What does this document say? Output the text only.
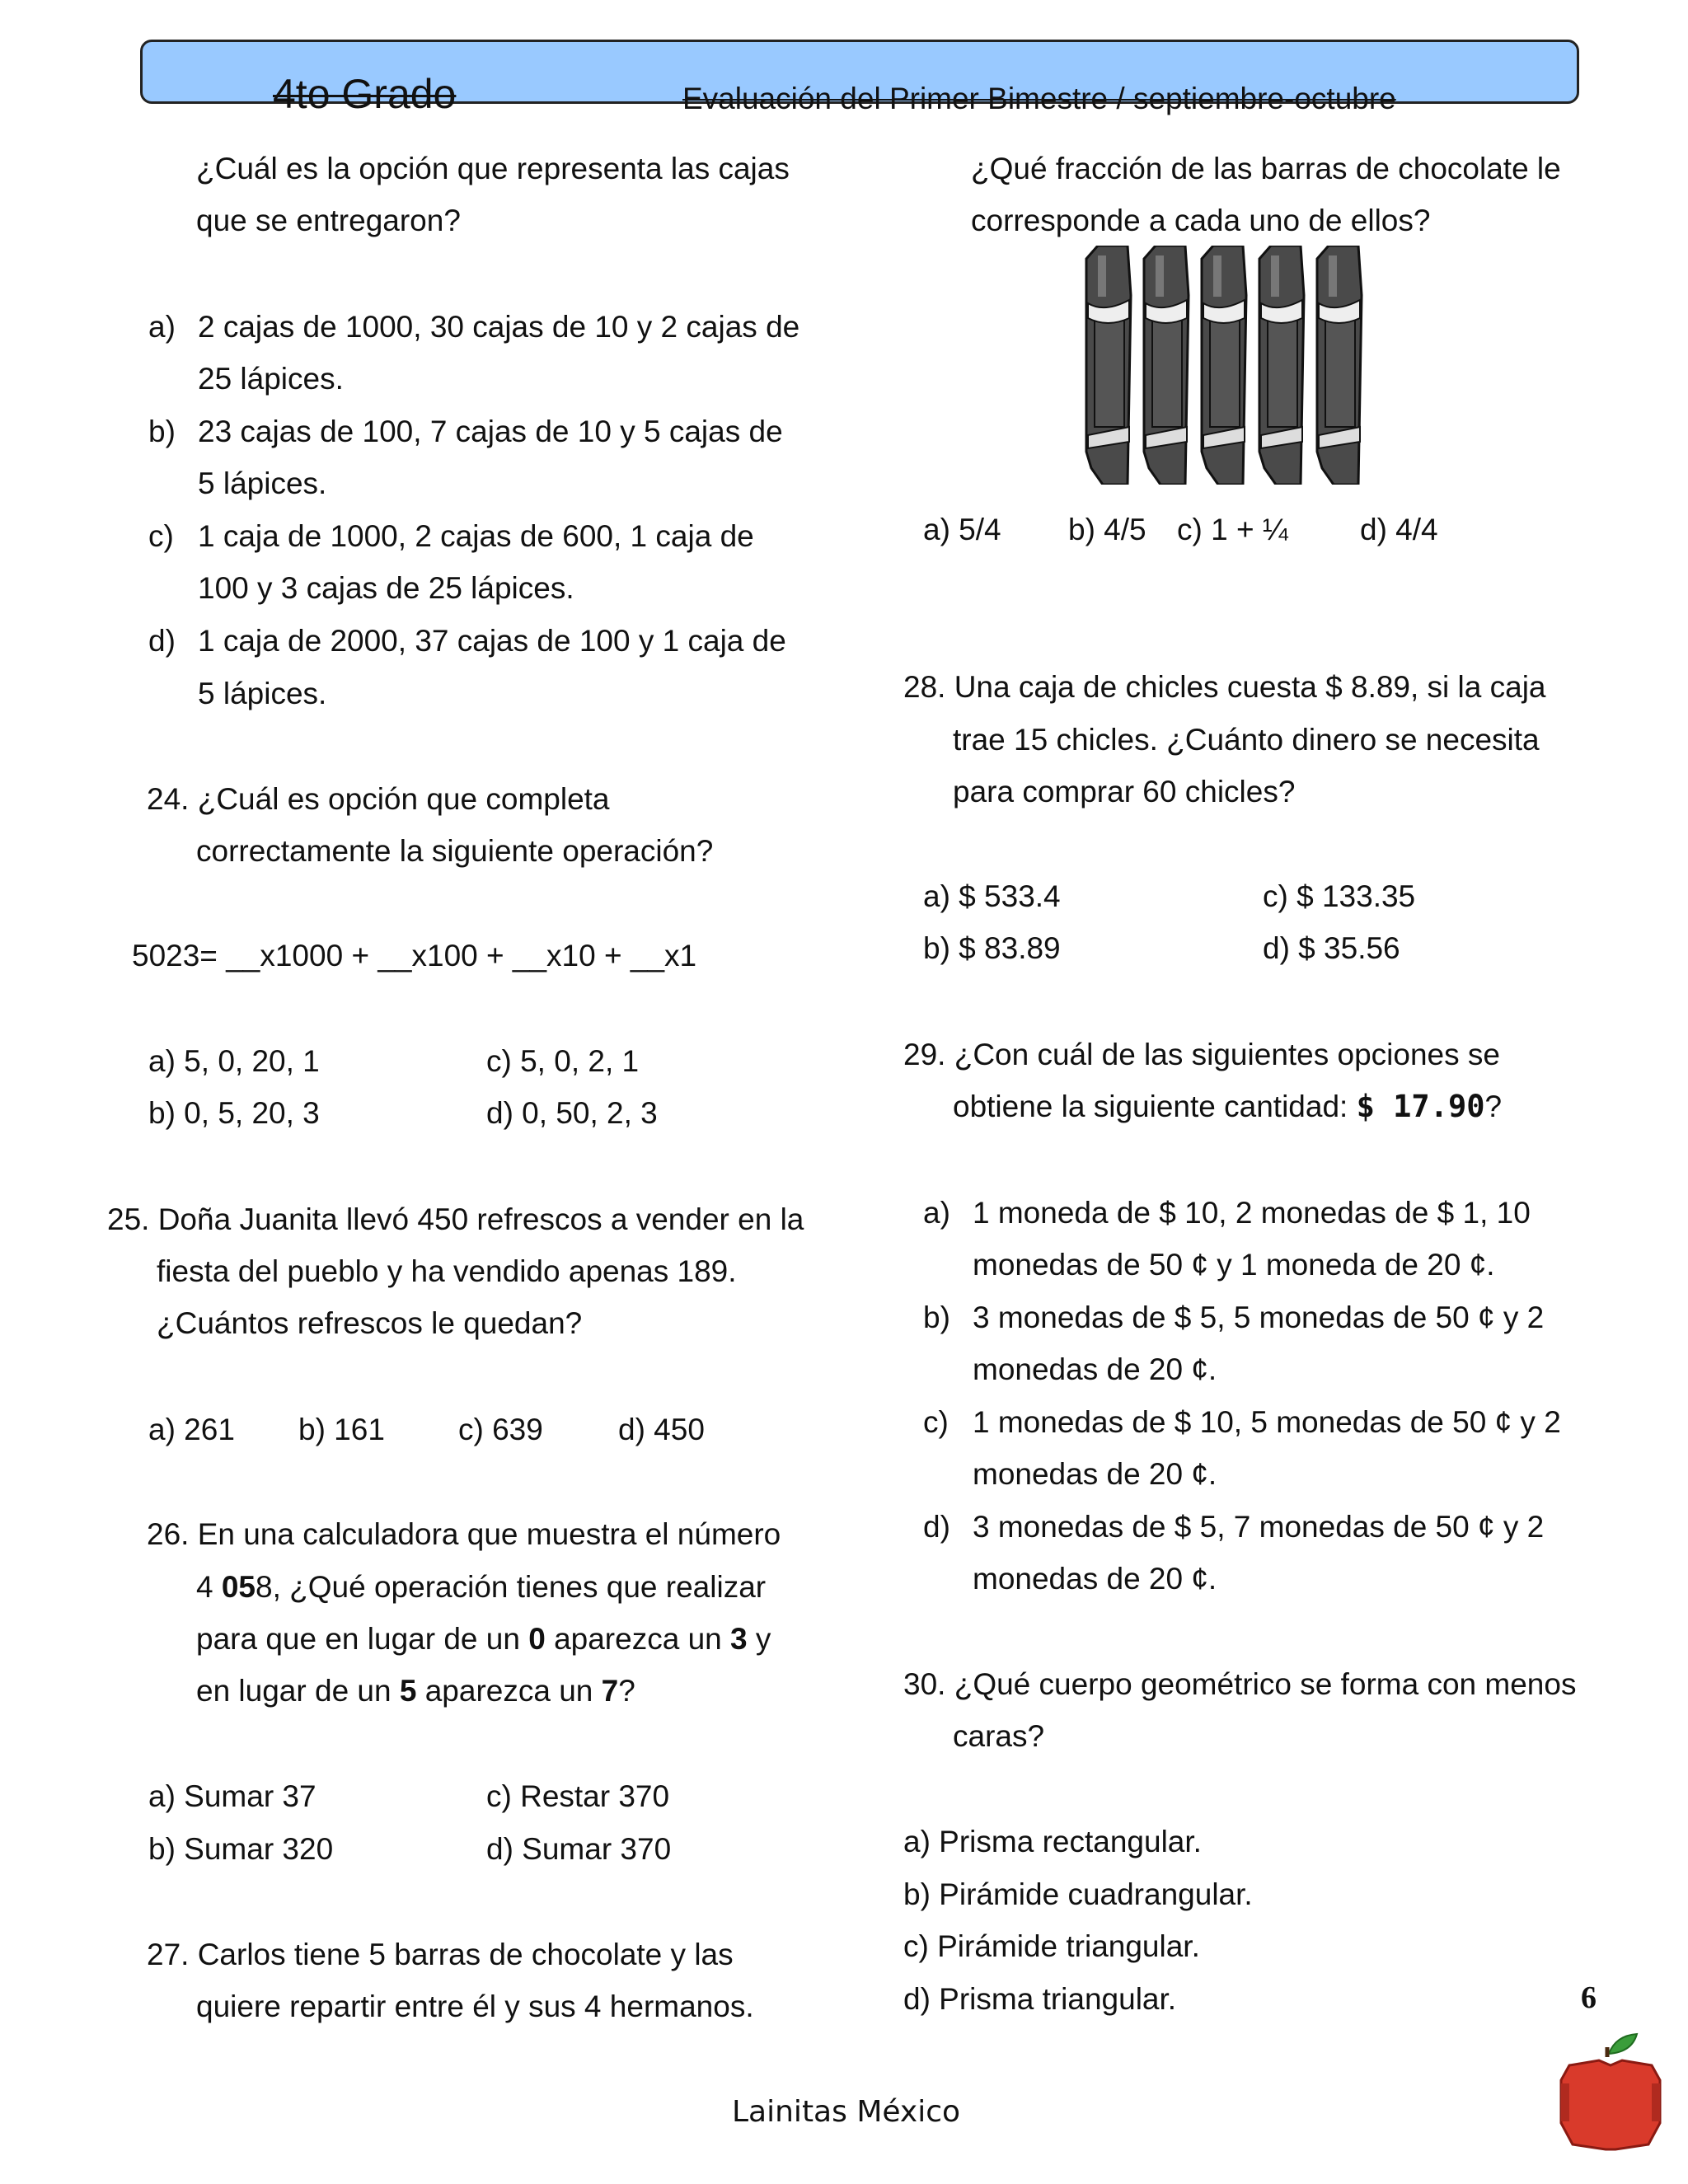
4to Grado	Evaluación del Primer Bimestre / septiembre-octubre
¿Cuál es la opción que representa las cajas
que se entregaron?
a) 2 cajas de 1000, 30 cajas de 10 y 2 cajas de
25 lápices.
b) 23 cajas de 100, 7 cajas de 10 y 5 cajas de
5 lápices.
c) 1 caja de 1000, 2 cajas de 600, 1 caja de
100 y 3 cajas de 25 lápices.
d) 1 caja de 2000, 37 cajas de 100 y 1 caja de
5 lápices.
24. ¿Cuál es opción que completa
correctamente la siguiente operación?
5023= __x1000 + __x100 + __x10 + __x1
a) 5, 0, 20, 1	c) 5, 0, 2, 1
b) 0, 5, 20, 3	d) 0, 50, 2, 3
25. Doña Juanita llevó 450 refrescos a vender en la
fiesta del pueblo y ha vendido apenas 189.
¿Cuántos refrescos le quedan?
a) 261 b) 161 c) 639 d) 450
26. En una calculadora que muestra el número
4 058, ¿Qué operación tienes que realizar
para que en lugar de un 0 aparezca un 3 y
en lugar de un 5 aparezca un 7?
a) Sumar 37	c) Restar 370
b) Sumar 320	d) Sumar 370
27. Carlos tiene 5 barras de chocolate y las
quiere repartir entre él y sus 4 hermanos.
¿Qué fracción de las barras de chocolate le
corresponde a cada uno de ellos?
a) 5/4 b) 4/5 c) 1 + ¼ d) 4/4
28. Una caja de chicles cuesta $ 8.89, si la caja
trae 15 chicles. ¿Cuánto dinero se necesita
para comprar 60 chicles?
a) $ 533.4	c) $ 133.35
b) $ 83.89	d) $ 35.56
29. ¿Con cuál de las siguientes opciones se
obtiene la siguiente cantidad: $ 17.90?
a) 1 moneda de $ 10, 2 monedas de $ 1, 10
monedas de 50 ¢ y 1 moneda de 20 ¢.
b) 3 monedas de $ 5, 5 monedas de 50 ¢ y 2
monedas de 20 ¢.
c) 1 monedas de $ 10, 5 monedas de 50 ¢ y 2
monedas de 20 ¢.
d) 3 monedas de $ 5, 7 monedas de 50 ¢ y 2
monedas de 20 ¢.
30. ¿Qué cuerpo geométrico se forma con menos
caras?
a) Prisma rectangular.
b) Pirámide cuadrangular.
c) Pirámide triangular.
d) Prisma triangular.	6
Lainitas México
